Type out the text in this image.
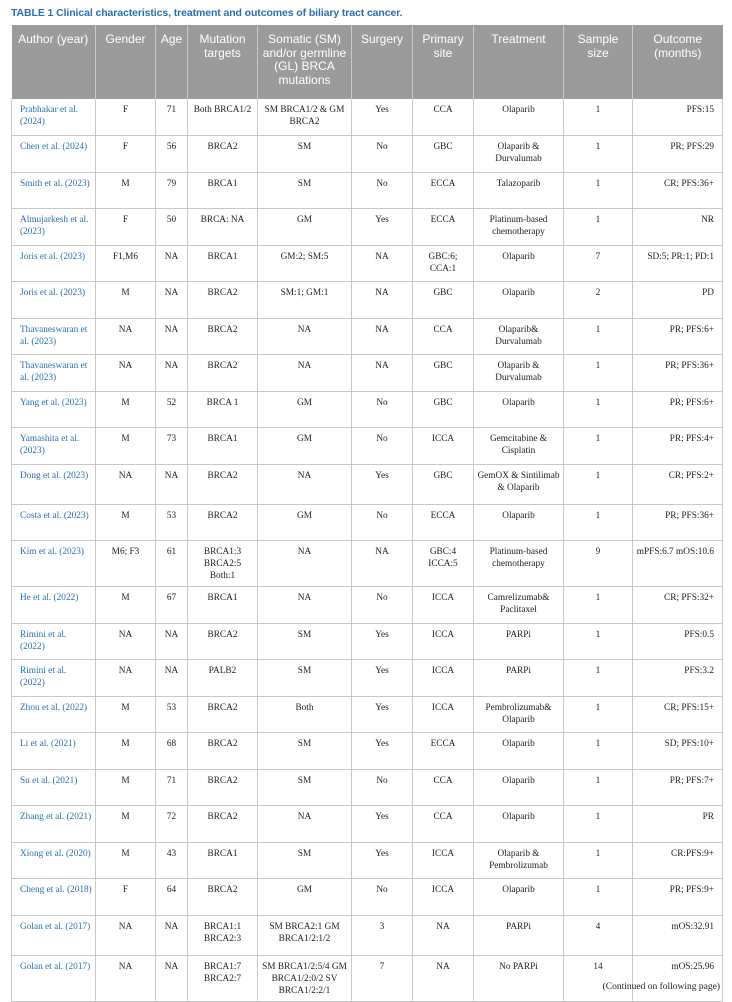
TABLE 1 Clinical characteristics, treatment and outcomes of biliary tract cancer.
Author (year)	Gender	Age	Mutation targets	Somatic (SM) and/or germline (GL) BRCA mutations	Surgery	Primary site	Treatment	Sample size	Outcome (months)
Prabhakar et al. (2024)	F	71	Both BRCA1/2	SM BRCA1/2 & GM BRCA2	Yes	CCA	Olaparib	1	PFS:15
Chen et al. (2024)	F	56	BRCA2	SM	No	GBC	Olaparib & Durvalumab	1	PR; PFS:29
Smith et al. (2023)	M	79	BRCA1	SM	No	ECCA	Talazoparib	1	CR; PFS:36+
Almujarkesh et al. (2023)	F	50	BRCA: NA	GM	Yes	ECCA	Platinum-based chemotherapy	1	NR
Joris et al. (2023)	F1,M6	NA	BRCA1	GM:2; SM:5	NA	GBC:6; CCA:1	Olaparib	7	SD:5; PR:1; PD:1
Joris et al. (2023)	M	NA	BRCA2	SM:1; GM:1	NA	GBC	Olaparib	2	PD
Thavaneswaran et al. (2023)	NA	NA	BRCA2	NA	NA	CCA	Olaparib& Durvalumab	1	PR; PFS:6+
Thavaneswaran et al. (2023)	NA	NA	BRCA2	NA	NA	GBC	Olaparib & Durvalumab	1	PR; PFS:36+
Yang et al. (2023)	M	52	BRCA 1	GM	No	GBC	Olaparib	1	PR; PFS:6+
Yamashita et al. (2023)	M	73	BRCA1	GM	No	ICCA	Gemcitabine & Cisplatin	1	PR; PFS:4+
Dong et al. (2023)	NA	NA	BRCA2	NA	Yes	GBC	GemOX & Sintilimab & Olaparib	1	CR; PFS:2+
Costa et al. (2023)	M	53	BRCA2	GM	No	ECCA	Olaparib	1	PR; PFS:36+
Kim et al. (2023)	M6; F3	61	BRCA1:3 BRCA2:5 Both:1	NA	NA	GBC:4 ICCA:5	Platinum-based chemotherapy	9	mPFS:6.7 mOS:10.6
He et al. (2022)	M	67	BRCA1	NA	No	ICCA	Camrelizumab& Paclitaxel	1	CR; PFS:32+
Rimini et al. (2022)	NA	NA	BRCA2	SM	Yes	ICCA	PARPi	1	PFS:0.5
Rimini et al. (2022)	NA	NA	PALB2	SM	Yes	ICCA	PARPi	1	PFS:3.2
Zhou et al. (2022)	M	53	BRCA2	Both	Yes	ICCA	Pembrolizumab& Olaparib	1	CR; PFS:15+
Li et al. (2021)	M	68	BRCA2	SM	Yes	ECCA	Olaparib	1	SD; PFS:10+
Su et al. (2021)	M	71	BRCA2	SM	No	CCA	Olaparib	1	PR; PFS:7+
Zhang et al. (2021)	M	72	BRCA2	NA	Yes	CCA	Olaparib	1	PR
Xiong et al. (2020)	M	43	BRCA1	SM	Yes	ICCA	Olaparib & Pembrolizumab	1	CR:PFS:9+
Cheng et al. (2018)	F	64	BRCA2	GM	No	ICCA	Olaparib	1	PR; PFS:9+
Golan et al. (2017)	NA	NA	BRCA1:1 BRCA2:3	SM BRCA2:1 GM BRCA1/2:1/2	3	NA	PARPi	4	mOS:32.91
Golan et al. (2017)	NA	NA	BRCA1:7 BRCA2:7	SM BRCA1/2:5/4 GM BRCA1/2:0/2 SV BRCA1/2:2/1	7	NA	No PARPi	14	mOS:25.96
(Continued on following page)
